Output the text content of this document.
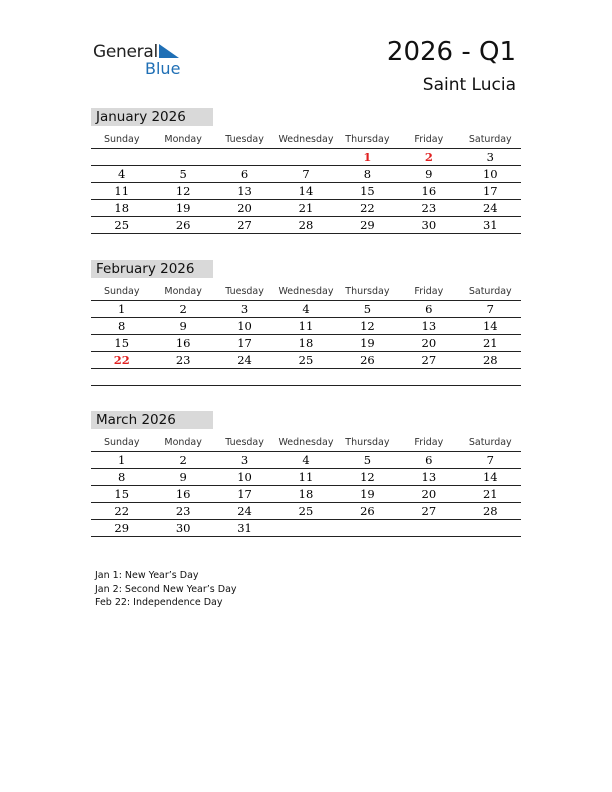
General
Blue
2026 - Q1
Saint Lucia
January 2026
Sunday	Monday	Tuesday	Wednesday	Thursday	Friday	Saturday
				1	2	3
4	5	6	7	8	9	10
11	12	13	14	15	16	17
18	19	20	21	22	23	24
25	26	27	28	29	30	31
February 2026
Sunday	Monday	Tuesday	Wednesday	Thursday	Friday	Saturday
1	2	3	4	5	6	7
8	9	10	11	12	13	14
15	16	17	18	19	20	21
22	23	24	25	26	27	28

March 2026
Sunday	Monday	Tuesday	Wednesday	Thursday	Friday	Saturday
1	2	3	4	5	6	7
8	9	10	11	12	13	14
15	16	17	18	19	20	21
22	23	24	25	26	27	28
29	30	31				
Jan 1: New Year’s Day
Jan 2: Second New Year’s Day
Feb 22: Independence Day
